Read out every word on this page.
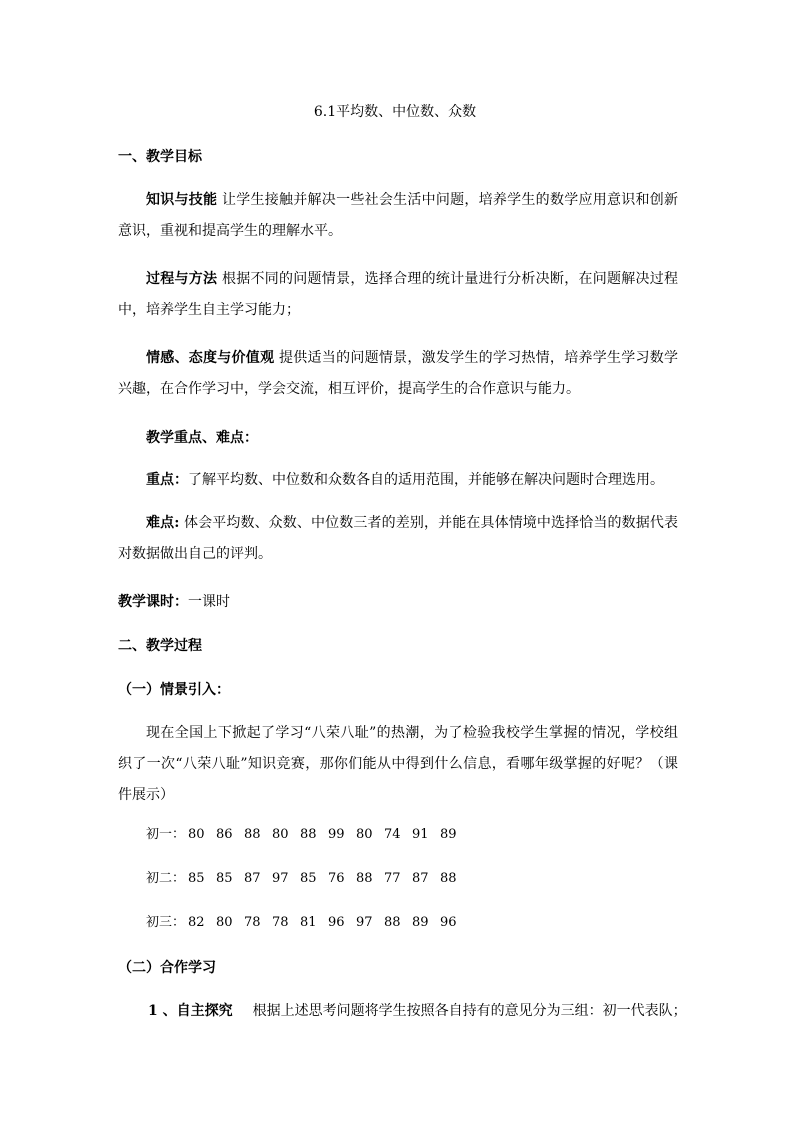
6.1平均数、中位数、众数
一、教学目标
知识与技能 让学生接触并解决一些社会生活中问题，培养学生的数学应用意识和创新意识，重视和提高学生的理解水平。
过程与方法 根据不同的问题情景，选择合理的统计量进行分析决断，在问题解决过程中，培养学生自主学习能力；
情感、态度与价值观 提供适当的问题情景，激发学生的学习热情，培养学生学习数学兴趣，在合作学习中，学会交流，相互评价，提高学生的合作意识与能力。
教学重点、难点：
重点：了解平均数、中位数和众数各自的适用范围，并能够在解决问题时合理选用。
难点: 体会平均数、众数、中位数三者的差别，并能在具体情境中选择恰当的数据代表对数据做出自己的评判。
教学课时：一课时
二、教学过程
（一）情景引入：
现在全国上下掀起了学习“八荣八耻”的热潮，为了检验我校学生掌握的情况，学校组织了一次“八荣八耻”知识竞赛，那你们能从中得到什么信息，看哪年级掌握的好呢？（课件展示）
初一： 80 86 88 80 88 99 80 74 91 89
初二： 85 85 87 97 85 76 88 77 87 88
初三： 82 80 78 78 81 96 97 88 89 96
（二）合作学习
1 、自主探究 根据上述思考问题将学生按照各自持有的意见分为三组：初一代表队；
